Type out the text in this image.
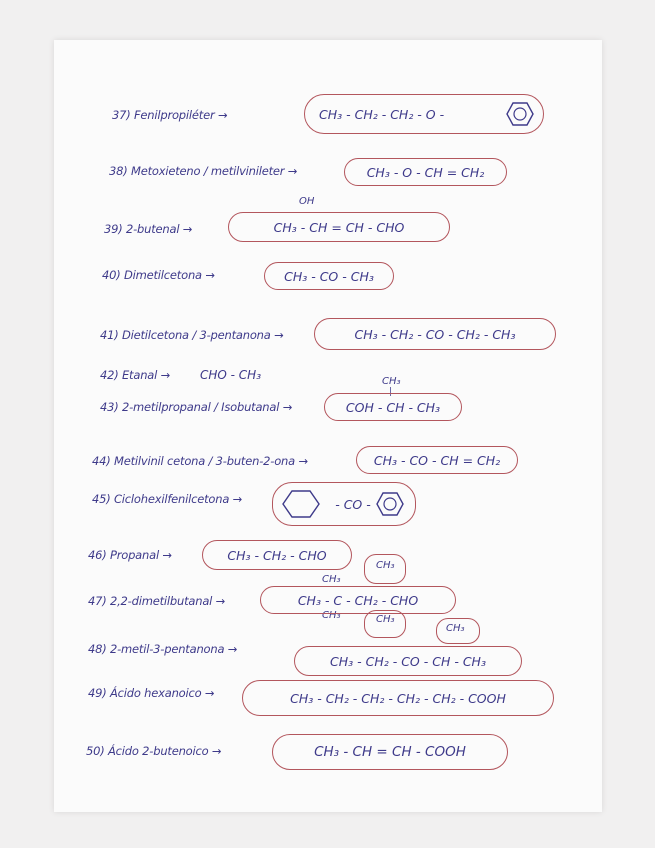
37) Fenilpropiléter →	CH₃ - CH₂ - CH₂ - O -
38) Metoxieteno / metilvinileter →	CH₃ - O - CH = CH₂
OH
39) 2-butenal →	CH₃ - CH = CH - CHO
40) Dimetilcetona →	CH₃ - CO - CH₃
41) Dietilcetona / 3-pentanona →	CH₃ - CH₂ - CO - CH₂ - CH₃
42) Etanal → CHO - CH₃	CH₃
|
43) 2-metilpropanal / Isobutanal →	COH - CH - CH₃
44) Metilvinil cetona / 3-buten-2-ona →	CH₃ - CO - CH = CH₂
45) Ciclohexilfenilcetona →	- CO -
46) Propanal →	CH₃ - CH₂ - CHO
CH₃
CH₃
CH₃
CH₃
47) 2,2-dimetilbutanal →	CH₃ - C - CH₂ - CHO
CH₃
48) 2-metil-3-pentanona →
CH₃ - CH₂ - CO - CH - CH₃
49) Ácido hexanoico →	CH₃ - CH₂ - CH₂ - CH₂ - CH₂ - COOH
50) Ácido 2-butenoico →	CH₃ - CH = CH - COOH
